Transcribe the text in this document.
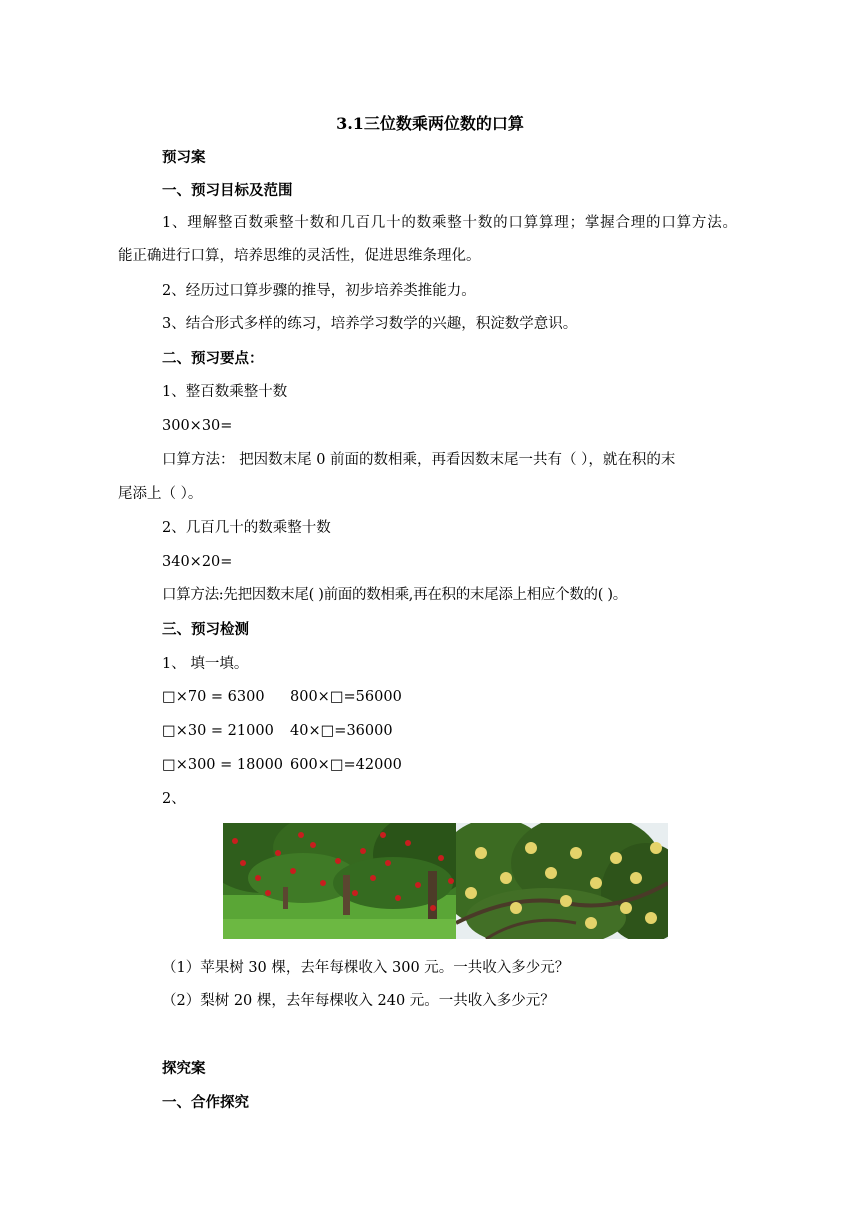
3.1三位数乘两位数的口算
预习案
一、预习目标及范围
1、理解整百数乘整十数和几百几十的数乘整十数的口算算理；掌握合理的口算方法。
能正确进行口算，培养思维的灵活性，促进思维条理化。
2、经历过口算步骤的推导，初步培养类推能力。
3、结合形式多样的练习，培养学习数学的兴趣，积淀数学意识。
二、预习要点：
1、整百数乘整十数
300×30=
口算方法： 把因数末尾 0 前面的数相乘，再看因数末尾一共有（ ），就在积的末
尾添上（ ）。
2、几百几十的数乘整十数
340×20=
口算方法:先把因数末尾( )前面的数相乘,再在积的末尾添上相应个数的( )。
三、预习检测
1、 填一填。
□×70 = 6300 800×□=56000
□×30 = 21000 40×□=36000
□×300 = 18000 600×□=42000
2、
（1）苹果树 30 棵，去年每棵收入 300 元。一共收入多少元？
（2）梨树 20 棵，去年每棵收入 240 元。一共收入多少元？
探究案
一、合作探究
